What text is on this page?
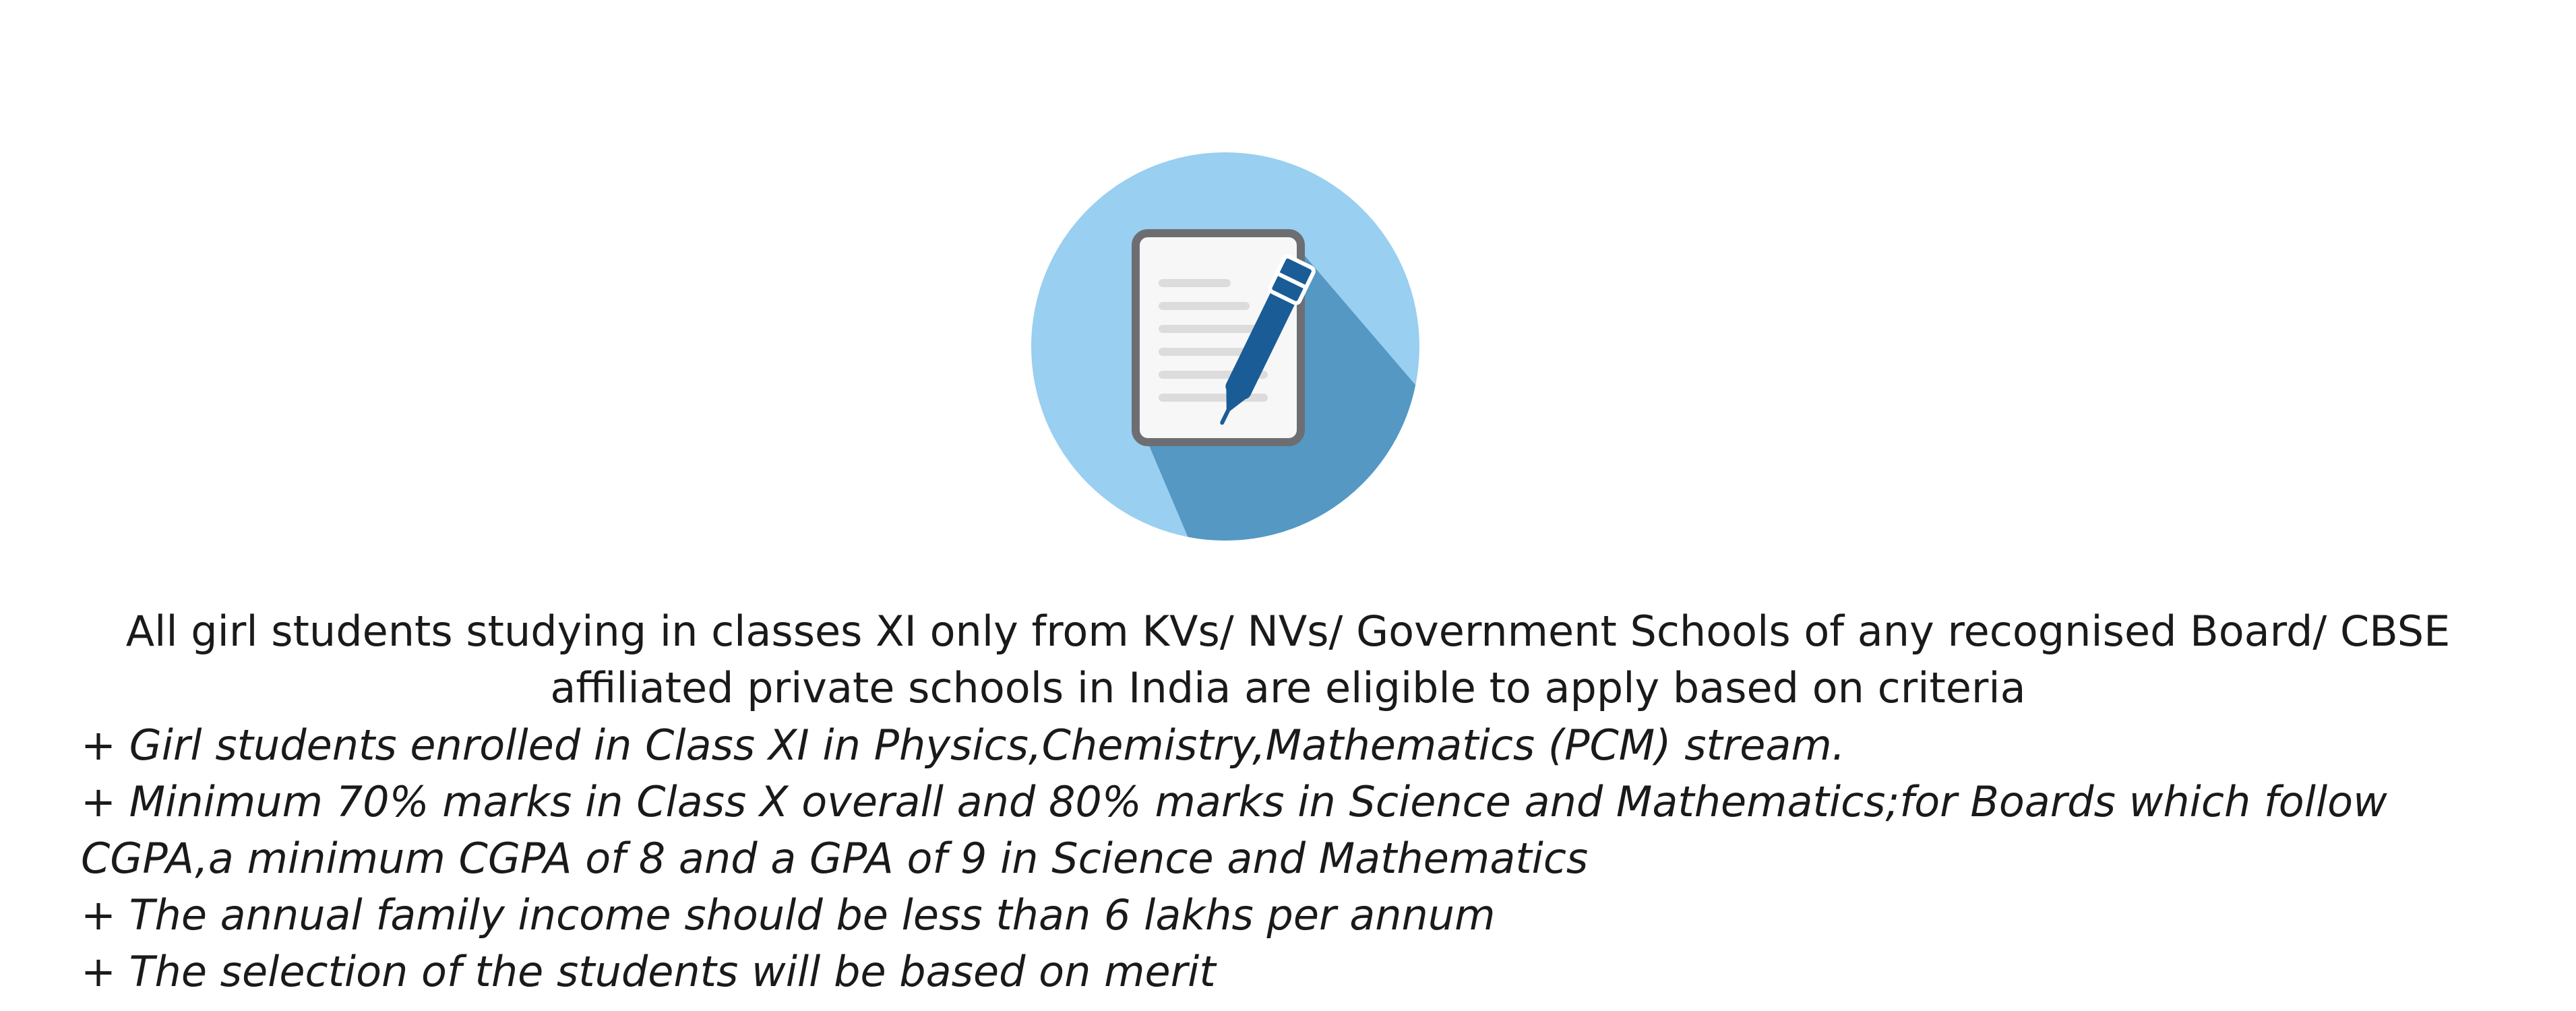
All girl students studying in classes XI only from KVs/ NVs/ Government Schools of any recognised Board/ CBSE
affiliated private schools in India are eligible to apply based on criteria
+ Girl students enrolled in Class XI in Physics,Chemistry,Mathematics (PCM) stream.
+ Minimum 70% marks in Class X overall and 80% marks in Science and Mathematics;for Boards which follow CGPA,a minimum CGPA of 8 and a GPA of 9 in Science and Mathematics
+ The annual family income should be less than 6 lakhs per annum
+ The selection of the students will be based on merit
